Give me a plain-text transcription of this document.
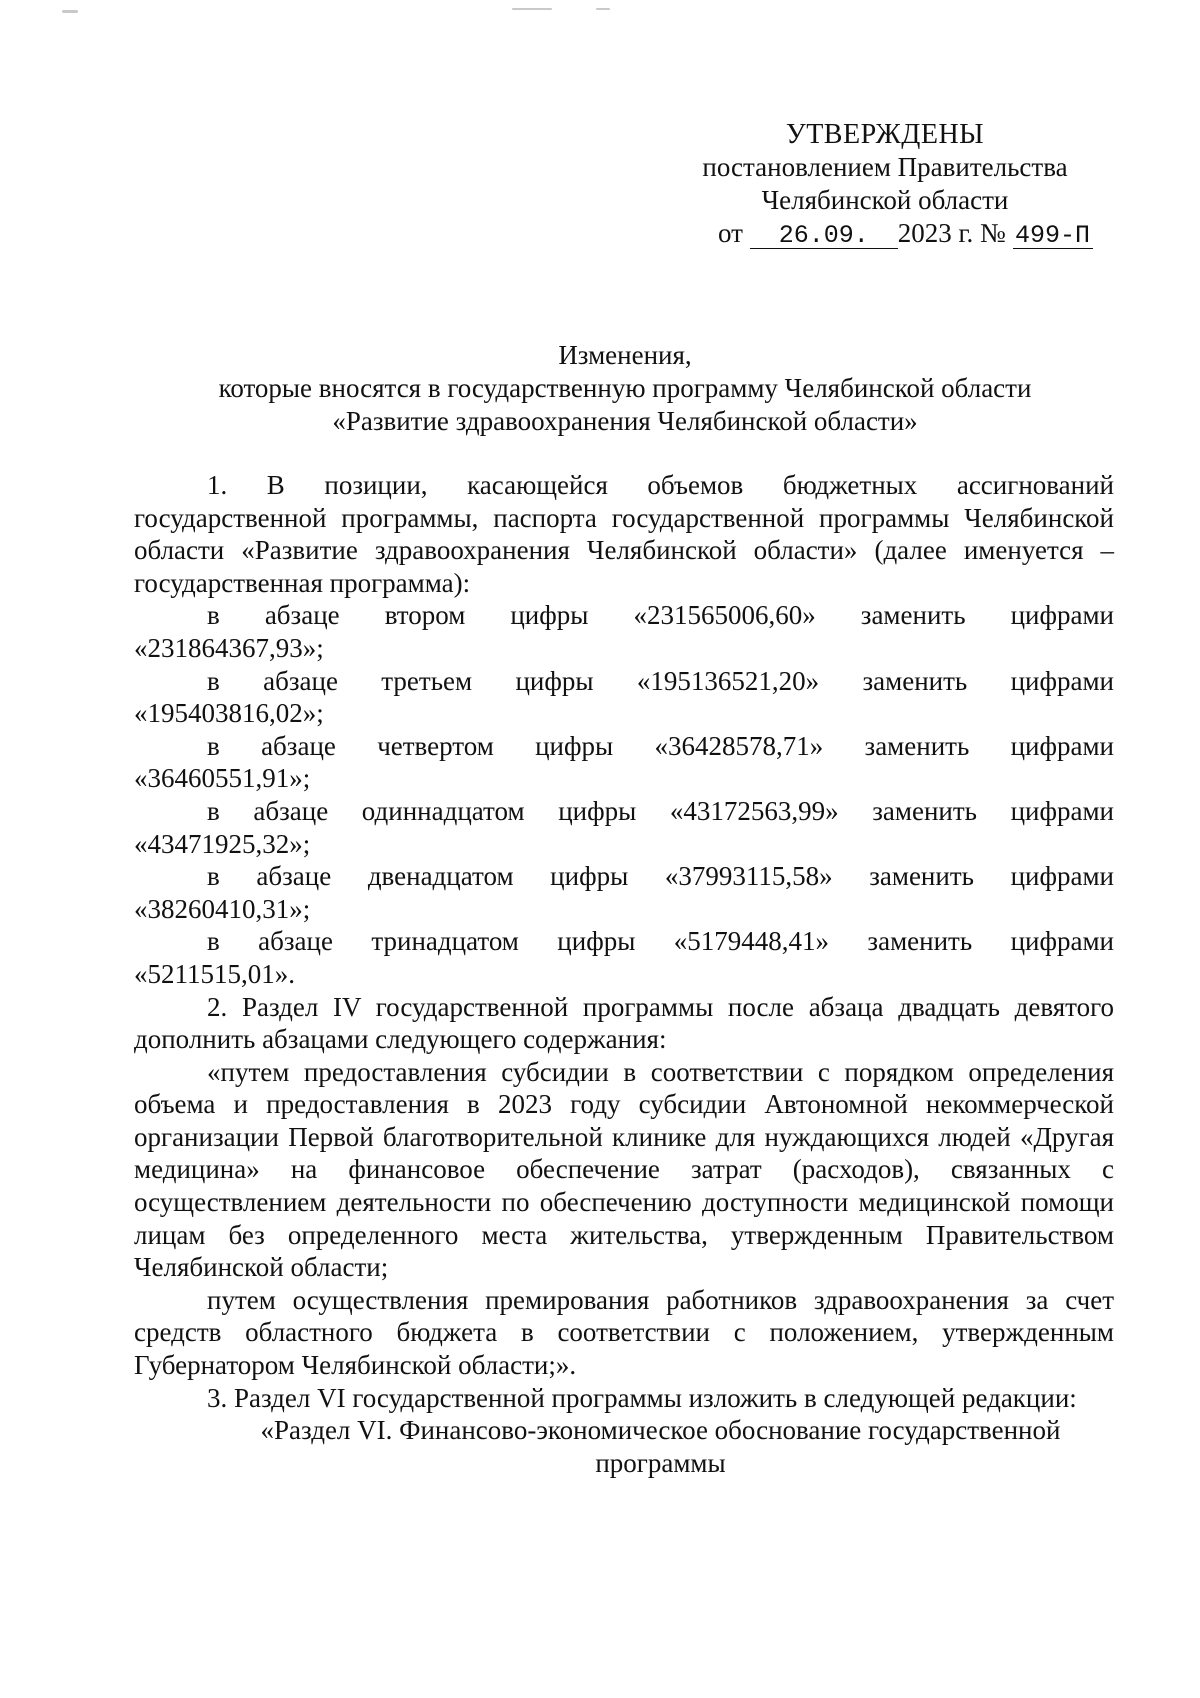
УТВЕРЖДЕНЫ
постановлением Правительства
Челябинской области
от 26.09. 2023 г. № 499-П
Изменения,
которые вносятся в государственную программу Челябинской области
«Развитие здравоохранения Челябинской области»

1. В позиции, касающейся объемов бюджетных ассигнований государственной программы, паспорта государственной программы Челябинской области «Развитие здравоохранения Челябинской области» (далее именуется – государственная программа):

в абзаце втором цифры «231565006,60» заменить цифрами

«231864367,93»;

в абзаце третьем цифры «195136521,20» заменить цифрами

«195403816,02»;

в абзаце четвертом цифры «36428578,71» заменить цифрами

«36460551,91»;

в абзаце одиннадцатом цифры «43172563,99» заменить цифрами

«43471925,32»;

в абзаце двенадцатом цифры «37993115,58» заменить цифрами

«38260410,31»;

в абзаце тринадцатом цифры «5179448,41» заменить цифрами

«5211515,01».

2. Раздел IV государственной программы после абзаца двадцать девятого дополнить абзацами следующего содержания:

«путем предоставления субсидии в соответствии с порядком определения объема и предоставления в 2023 году субсидии Автономной некоммерческой организации Первой благотворительной клинике для нуждающихся людей «Другая медицина» на финансовое обеспечение затрат (расходов), связанных с осуществлением деятельности по обеспечению доступности медицинской помощи лицам без определенного места жительства, утвержденным Правительством Челябинской области;

путем осуществления премирования работников здравоохранения за счет средств областного бюджета в соответствии с положением, утвержденным Губернатором Челябинской области;».

3. Раздел VI государственной программы изложить в следующей редакции:

«Раздел VI. Финансово-экономическое обоснование государственной
программы
